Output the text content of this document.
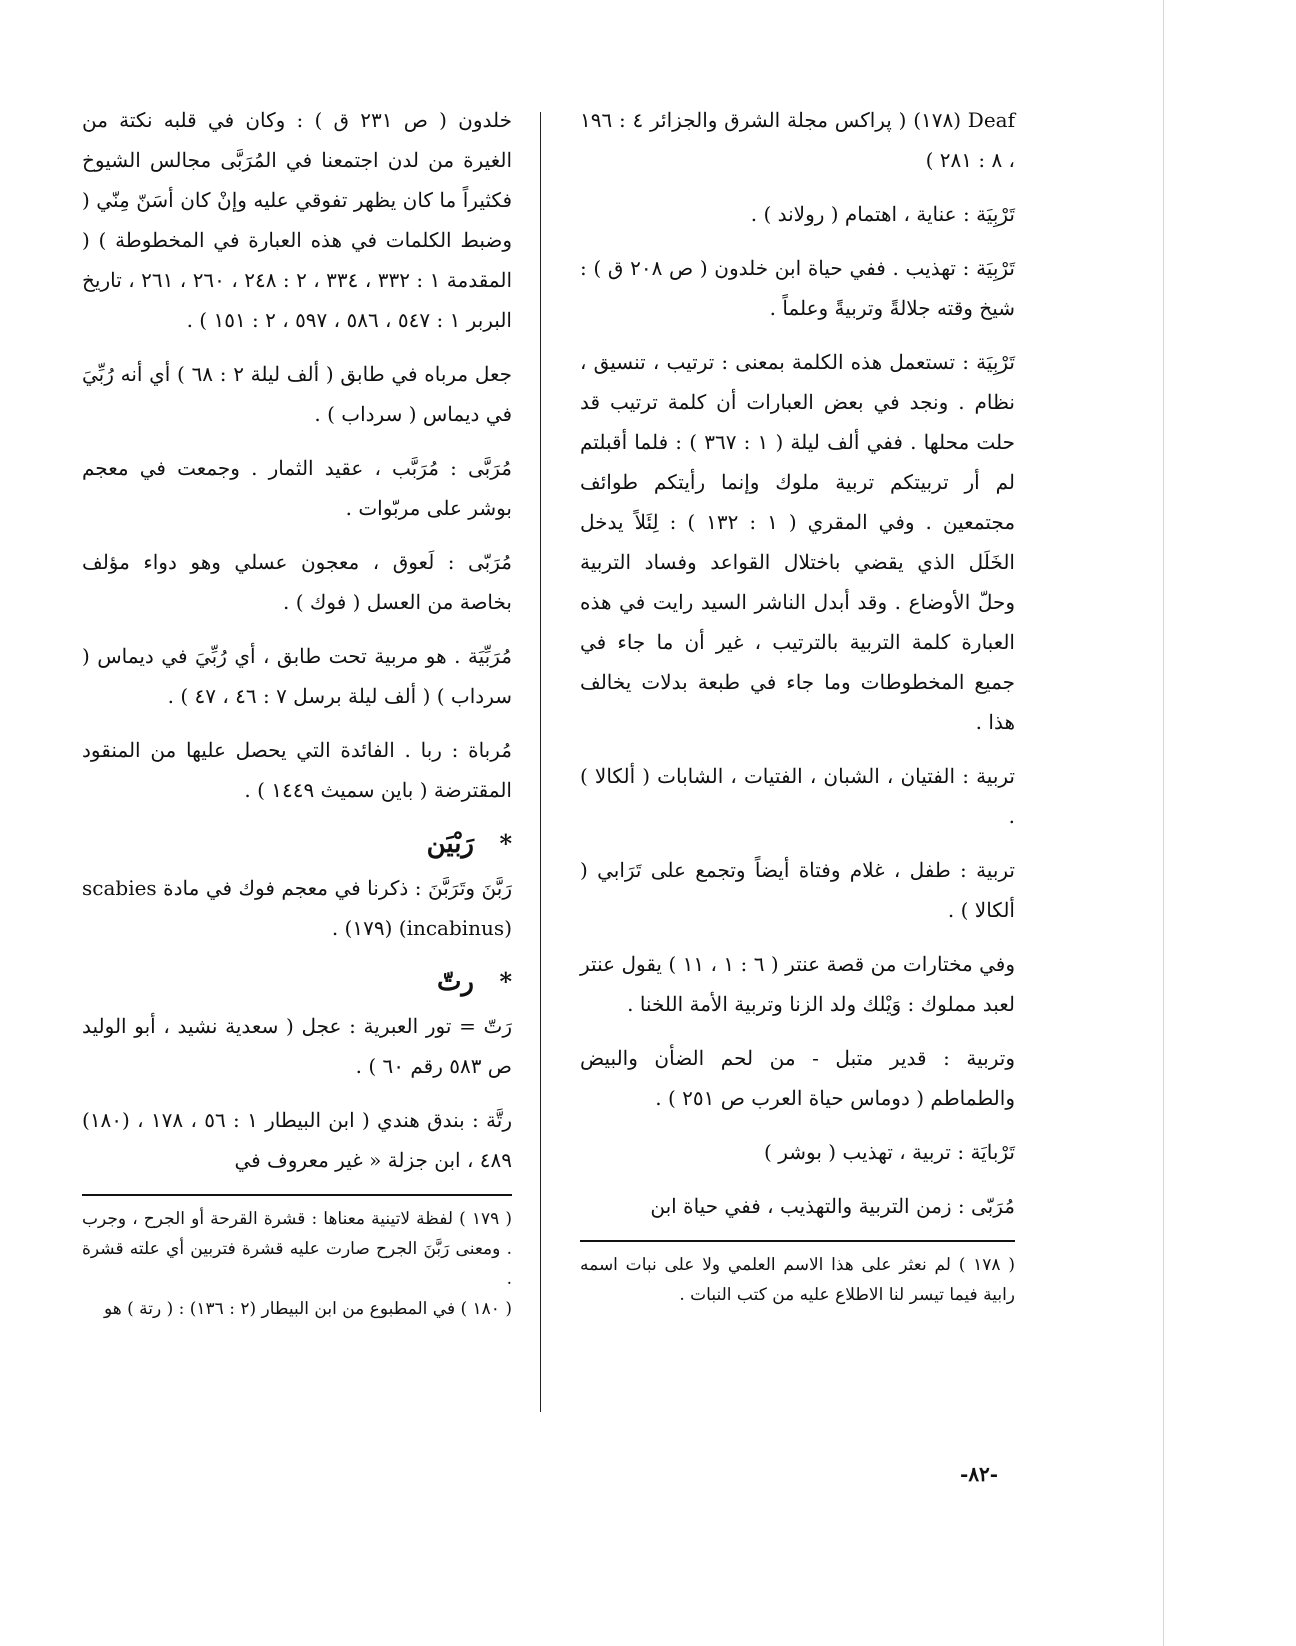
Deaf (١٧٨) ( پراكس مجلة الشرق والجزائر ٤ : ١٩٦ ، ٨ : ٢٨١ )
تَرْبِيَة : عناية ، اهتمام ( رولاند ) .
تَرْبِيَة : تهذيب . ففي حياة ابن خلدون ( ص ٢٠٨ ق ) : شيخ وقته جلالةً وتربيةً وعلماً .
تَرْبِيَة : تستعمل هذه الكلمة بمعنى : ترتيب ، تنسيق ، نظام . ونجد في بعض العبارات أن كلمة ترتيب قد حلت محلها . ففي ألف ليلة ( ١ : ٣٦٧ ) : فلما أقبلتم لم أر تربيتكم تربية ملوك وإنما رأيتكم طوائف مجتمعين . وفي المقري ( ١ : ١٣٢ ) : لِئَلاً يدخل الخَلَل الذي يقضي باختلال القواعد وفساد التربية وحلّ الأوضاع . وقد أبدل الناشر السيد رايت في هذه العبارة كلمة التربية بالترتيب ، غير أن ما جاء في جميع المخطوطات وما جاء في طبعة بدلات يخالف هذا .
تربية : الفتيان ، الشبان ، الفتيات ، الشابات ( ألكالا ) .
تربية : طفل ، غلام وفتاة أيضاً وتجمع على تَرَابي ( ألكالا ) .
وفي مختارات من قصة عنتر ( ٦ : ١ ، ١١ ) يقول عنتر لعبد مملوك : وَيْلك ولد الزنا وتربية الأمة اللخنا .
وتربية : قدير متبل - من لحم الضأن والبيض والطماطم ( دوماس حياة العرب ص ٢٥١ ) .
تَرْبايَة : تربية ، تهذيب ( بوشر )
مُرَبّى : زمن التربية والتهذيب ، ففي حياة ابن

( ١٧٨ ) لم نعثر على هذا الاسم العلمي ولا على نبات اسمه رابية فيما تيسر لنا الاطلاع عليه من كتب النبات .

خلدون ( ص ٢٣١ ق ) : وكان في قلبه نكتة من الغيرة من لدن اجتمعنا في المُرَبَّى مجالس الشيوخ فكثيراً ما كان يظهر تفوقي عليه وإنْ كان أسَنّ مِنّي ( وضبط الكلمات في هذه العبارة في المخطوطة ) ( المقدمة ١ : ٣٣٢ ، ٣٣٤ ، ٢ : ٢٤٨ ، ٢٦٠ ، ٢٦١ ، تاريخ البربر ١ : ٥٤٧ ، ٥٨٦ ، ٥٩٧ ، ٢ : ١٥١ ) .
جعل مرباه في طابق ( ألف ليلة ٢ : ٦٨ ) أي أنه رُبِّيَ في ديماس ( سرداب ) .
مُرَبَّى : مُرَبَّب ، عقيد الثمار . وجمعت في معجم بوشر على مربّوات .
مُرَبّى : لَعوق ، معجون عسلي وهو دواء مؤلف بخاصة من العسل ( فوك ) .
مُرَبِّيَة . هو مربية تحت طابق ، أي رُبِّيَ في ديماس ( سرداب ) ( ألف ليلة برسل ٧ : ٤٦ ، ٤٧ ) .
مُرباة : ربا . الفائدة التي يحصل عليها من المنقود المقترضة ( باين سميث ١٤٤٩ ) .
*
رَبْيَن
رَبَّنَ وتَرَبَّنَ : ذكرنا في معجم فوك في مادة scabies (incabinus) (١٧٩) .
*
رتّ
رَتّ = تور العبرية : عجل ( سعدية نشيد ، أبو الوليد ص ٥٨٣ رقم ٦٠ ) .
رتَّة : بندق هندي ( ابن البيطار ١ : ٥٦ ، ١٧٨ ، (١٨٠) ٤٨٩ ، ابن جزلة « غير معروف في

( ١٧٩ ) لفظة لاتينية معناها : قشرة القرحة أو الجرح ، وجرب . ومعنى رَبَّنَ الجرح صارت عليه قشرة فتربين أي علته قشرة .

( ١٨٠ ) في المطبوع من ابن البيطار (٢ : ١٣٦) : ( رتة ) هو

-٨٢-
